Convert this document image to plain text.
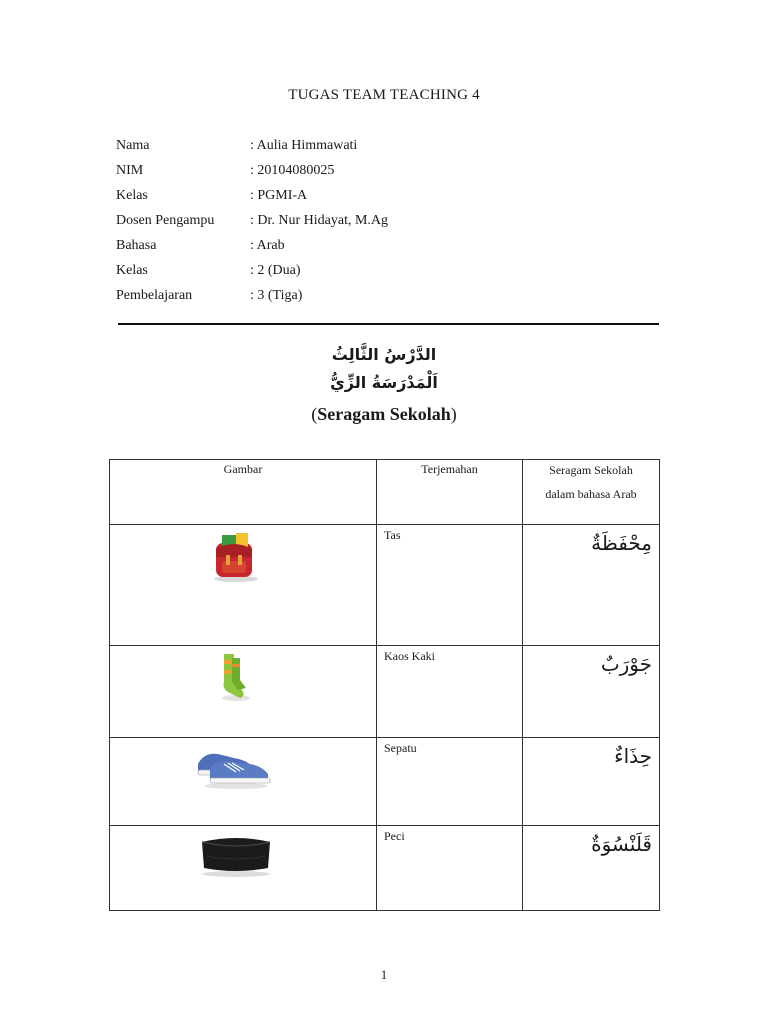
TUGAS TEAM TEACHING 4
Nama	: Aulia Himmawati
NIM	: 20104080025
Kelas	: PGMI-A
Dosen Pengampu	: Dr. Nur Hidayat, M.Ag
Bahasa	: Arab
Kelas	: 2 (Dua)
Pembelajaran	: 3 (Tiga)
الدَّرْسُ الثَّالِثُ
اَلْمَدْرَسَةُ الزِّيُّ
(Seragam Sekolah)
Gambar	Terjemahan	Seragam Sekolah
dalam bahasa Arab

	Tas	مِحْفَظَةٌ

	Kaos Kaki	جَوْرَبٌ

	Sepatu	حِذَاءٌ

	Peci	قَلَنْسُوَةٌ
1
